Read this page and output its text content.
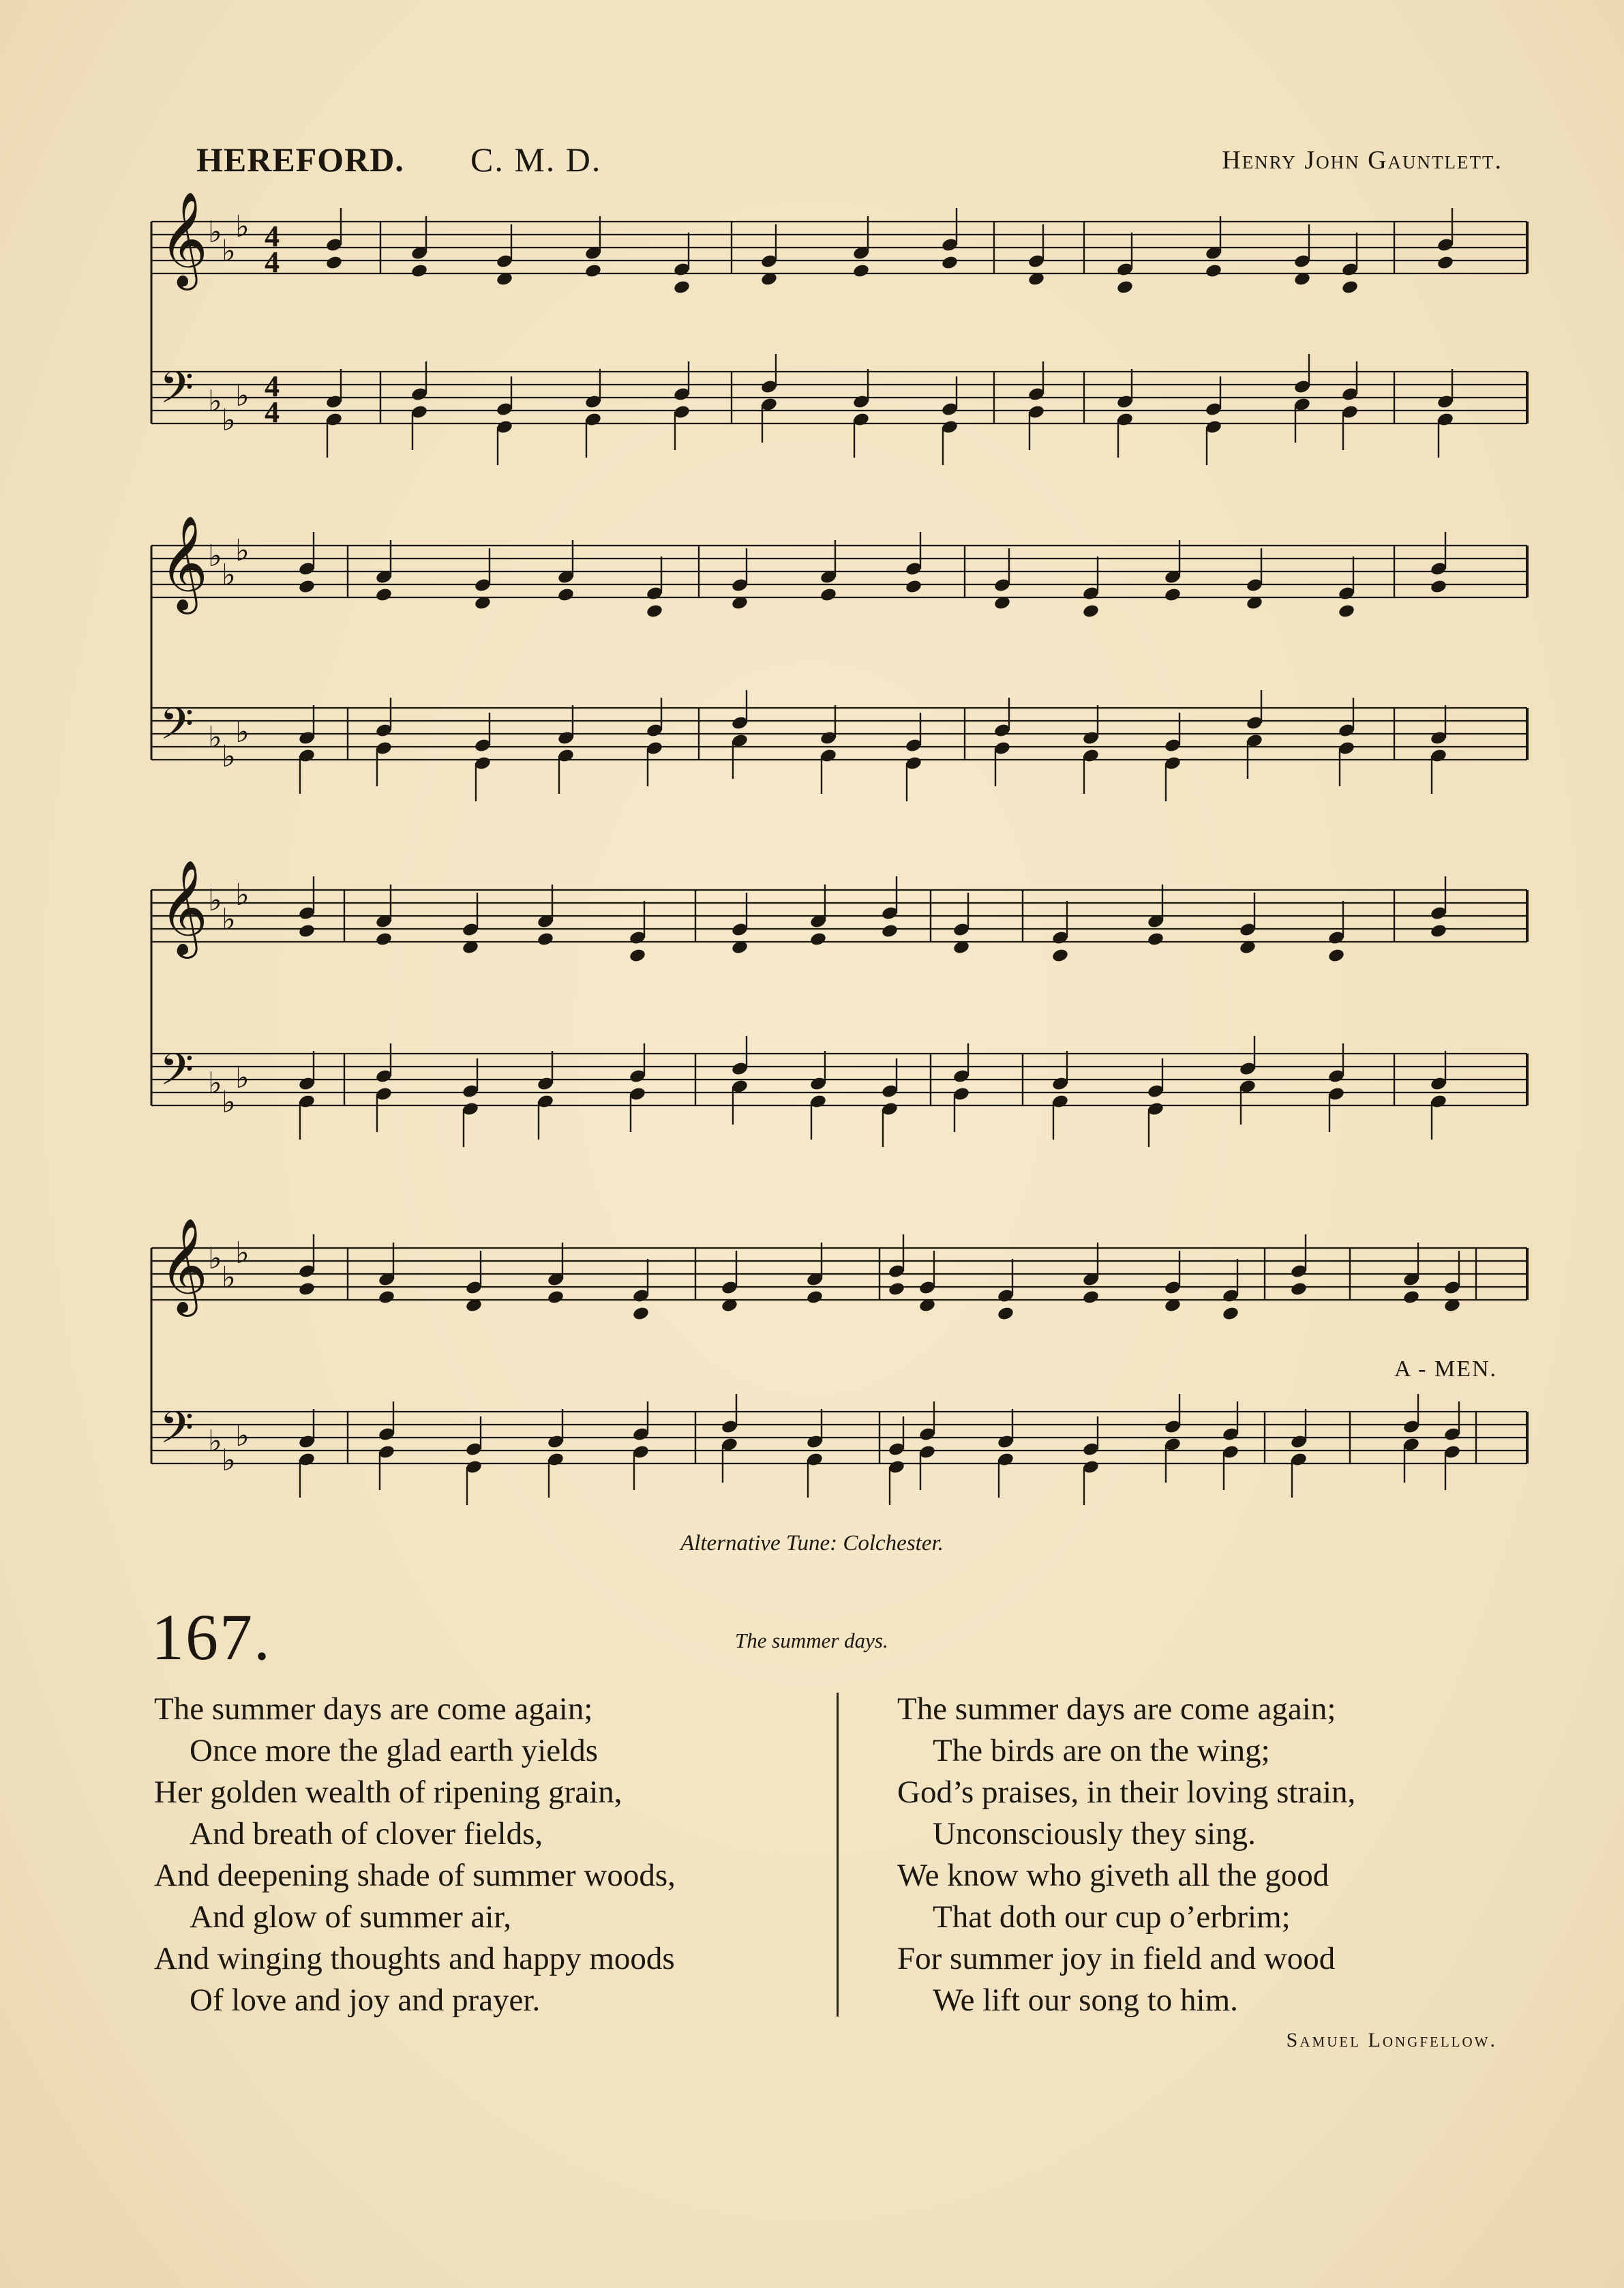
HEREFORD. C. M. D.	Henry John Gauntlett.
𝄞
𝄢
♭
♭
♭
♭
♭
♭
4
4
4
4
𝄞
𝄢
♭
♭
♭
♭
♭
♭
𝄞
𝄢
♭
♭
♭
♭
♭
♭
𝄞
𝄢
♭
♭
♭
♭
♭
♭
A - MEN.
Alternative Tune: Colchester.
167.	The summer days.
The summer days are come again;
Once more the glad earth yields
Her golden wealth of ripening grain,
And breath of clover fields,
And deepening shade of summer woods,
And glow of summer air,
And winging thoughts and happy moods
Of love and joy and prayer.
The summer days are come again;
The birds are on the wing;
God’s praises, in their loving strain,
Unconsciously they sing.
We know who giveth all the good
That doth our cup o’erbrim;
For summer joy in field and wood
We lift our song to him.
Samuel Longfellow.
